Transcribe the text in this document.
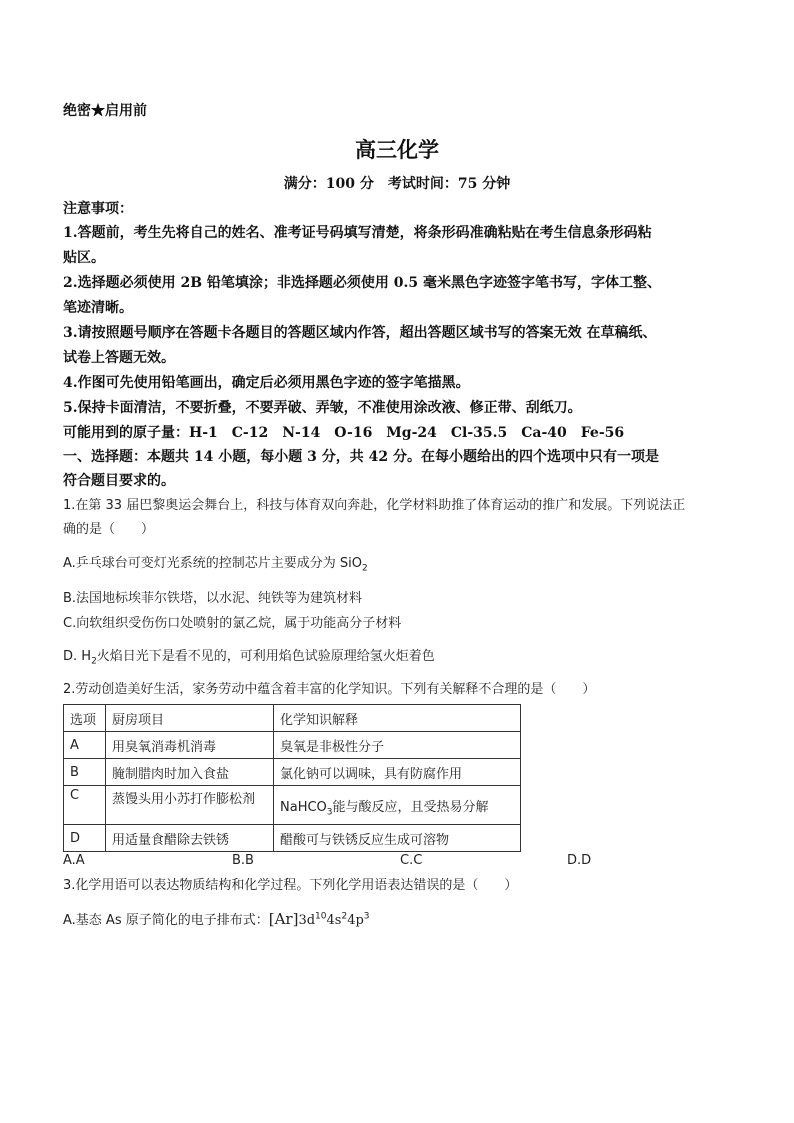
绝密★启用前
高三化学
满分：100 分　考试时间：75 分钟
注意事项：
1.答题前，考生先将自己的姓名、准考证号码填写清楚，将条形码准确粘贴在考生信息条形码粘
贴区。
2.选择题必须使用 2B 铅笔填涂；非选择题必须使用 0.5 毫米黑色字迹签字笔书写，字体工整、
笔迹清晰。
3.请按照题号顺序在答题卡各题目的答题区域内作答，超出答题区域书写的答案无效 在草稿纸、
试卷上答题无效。
4.作图可先使用铅笔画出，确定后必须用黑色字迹的签字笔描黑。
5.保持卡面清洁，不要折叠，不要弄破、弄皱，不准使用涂改液、修正带、刮纸刀。
可能用到的原子量：H-1　C-12　N-14　O-16　Mg-24　Cl-35.5　Ca-40　Fe-56
一、选择题：本题共 14 小题，每小题 3 分，共 42 分。在每小题给出的四个选项中只有一项是
符合题目要求的。
1.在第 33 届巴黎奥运会舞台上，科技与体育双向奔赴，化学材料助推了体育运动的推广和发展。下列说法正
确的是（　　）
A.乒乓球台可变灯光系统的控制芯片主要成分为 SiO$_2$
B.法国地标埃菲尔铁塔，以水泥、纯铁等为建筑材料
C.向软组织受伤伤口处喷射的氯乙烷，属于功能高分子材料
D. $H_2$火焰日光下是看不见的，可利用焰色试验原理给氢火炬着色
2.劳动创造美好生活，家务劳动中蕴含着丰富的化学知识。下列有关解释不合理的是（　　）
选项	厨房项目	化学知识解释
A	用臭氧消毒机消毒	臭氧是非极性分子
B	腌制腊肉时加入食盐	氯化钠可以调味，具有防腐作用
C	蒸馒头用小苏打作膨松剂	NaHCO$_3$能与酸反应，且受热易分解
D	用适量食醋除去铁锈	醋酸可与铁锈反应生成可溶物
A.A	B.B	C.C	D.D
3.化学用语可以表达物质结构和化学过程。下列化学用语表达错误的是（　　）
A.基态 As 原子简化的电子排布式：$[Ar]3d^{10}4s^24p^3$
